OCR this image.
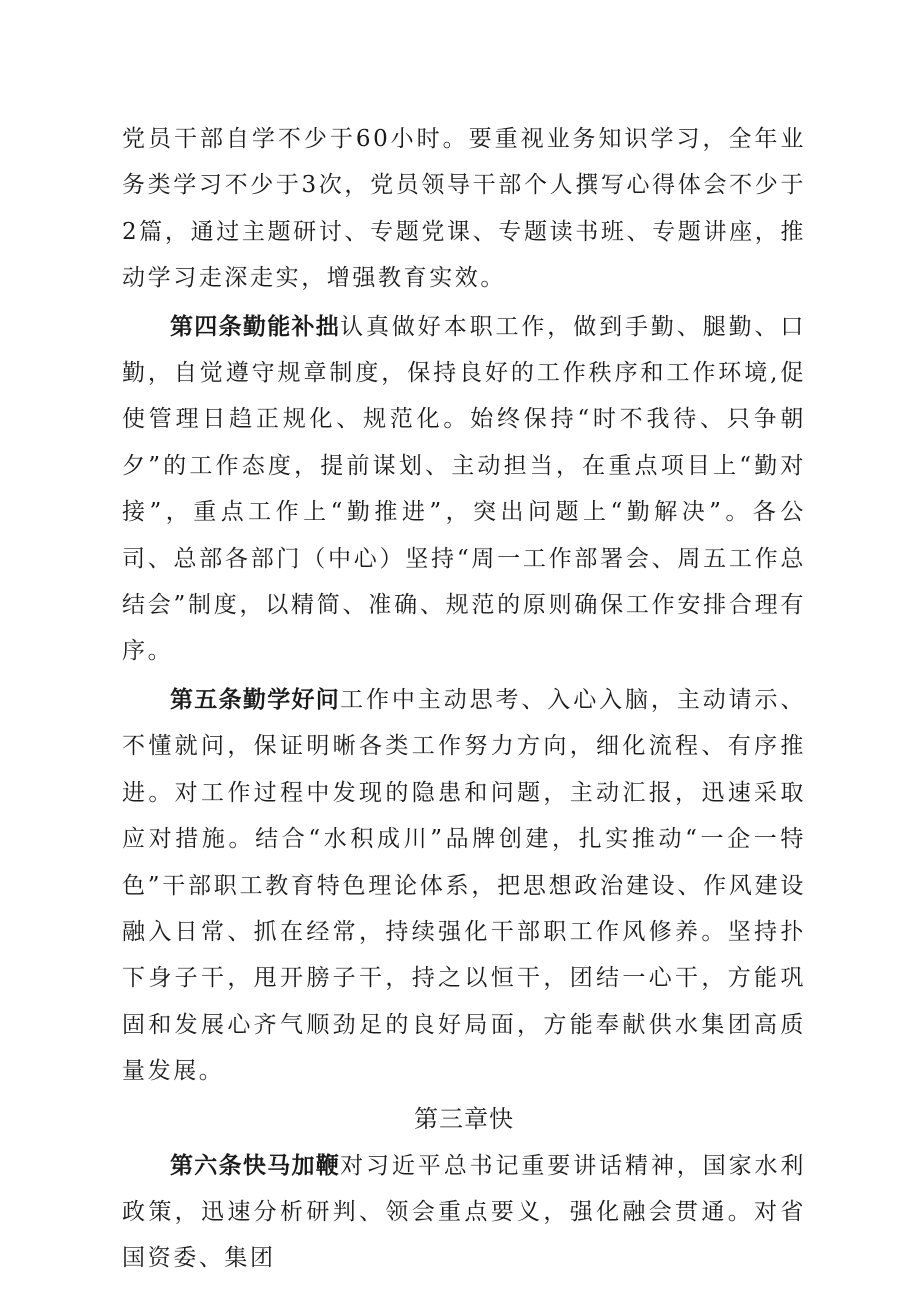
党员干部自学不少于60小时。要重视业务知识学习，全年业务类学习不少于3次，党员领导干部个人撰写心得体会不少于2篇，通过主题研讨、专题党课、专题读书班、专题讲座，推动学习走深走实，增强教育实效。

第四条勤能补拙认真做好本职工作，做到手勤、腿勤、口勤，自觉遵守规章制度，保持良好的工作秩序和工作环境,促使管理日趋正规化、规范化。始终保持“时不我待、只争朝夕”的工作态度，提前谋划、主动担当，在重点项目上“勤对接”，重点工作上“勤推进”，突出问题上“勤解决”。各公司、总部各部门（中心）坚持“周一工作部署会、周五工作总结会”制度，以精简、准确、规范的原则确保工作安排合理有序。

第五条勤学好问工作中主动思考、入心入脑，主动请示、不懂就问，保证明晰各类工作努力方向，细化流程、有序推进。对工作过程中发现的隐患和问题，主动汇报，迅速采取应对措施。结合“水积成川”品牌创建，扎实推动“一企一特色”干部职工教育特色理论体系，把思想政治建设、作风建设融入日常、抓在经常，持续强化干部职工作风修养。坚持扑下身子干，甩开膀子干，持之以恒干，团结一心干，方能巩固和发展心齐气顺劲足的良好局面，方能奉献供水集团高质量发展。

第三章快

第六条快马加鞭对习近平总书记重要讲话精神，国家水利政策，迅速分析研判、领会重点要义，强化融会贯通。对省国资委、集团
